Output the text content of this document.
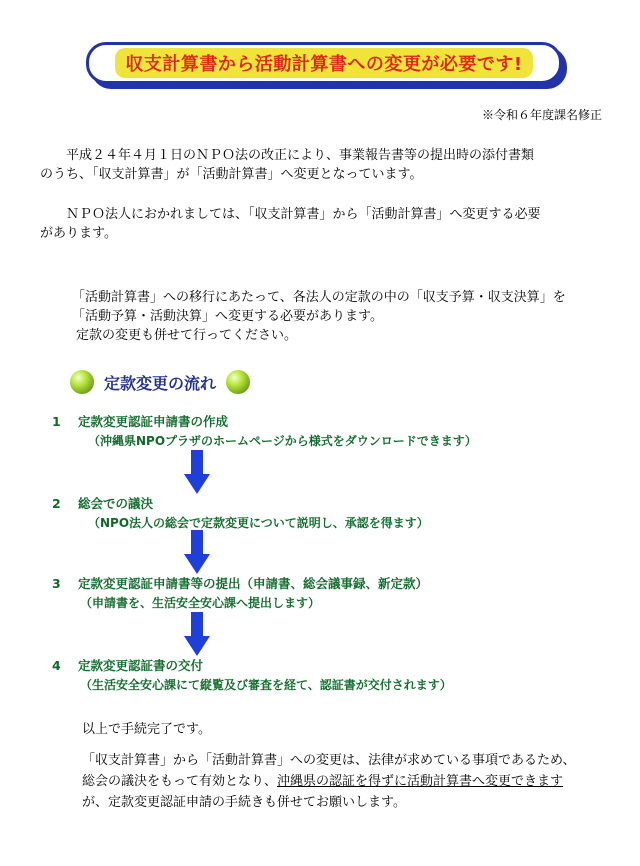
収支計算書から活動計算書への変更が必要です!
※令和６年度課名修正
平成２４年４月１日のＮＰＯ法の改正により、事業報告書等の提出時の添付書類
のうち、「収支計算書」が「活動計算書」へ変更となっています。
ＮＰＯ法人におかれましては、「収支計算書」から「活動計算書」へ変更する必要
があります。
「活動計算書」への移行にあたって、各法人の定款の中の「収支予算・収支決算」を
「活動予算・活動決算」へ変更する必要があります。
定款の変更も併せて行ってください。
定款変更の流れ
1 定款変更認証申請書の作成
（沖縄県NPOプラザのホームページから様式をダウンロードできます）
2 総会での議決
（NPO法人の総会で定款変更について説明し、承認を得ます）
3 定款変更認証申請書等の提出（申請書、総会議事録、新定款）
（申請書を、生活安全安心課へ提出します）
4 定款変更認証書の交付
（生活安全安心課にて縦覧及び審査を経て、認証書が交付されます）
以上で手続完了です。
「収支計算書」から「活動計算書」への変更は、法律が求めている事項であるため、
総会の議決をもって有効となり、沖縄県の認証を得ずに活動計算書へ変更できます
が、定款変更認証申請の手続きも併せてお願いします。
